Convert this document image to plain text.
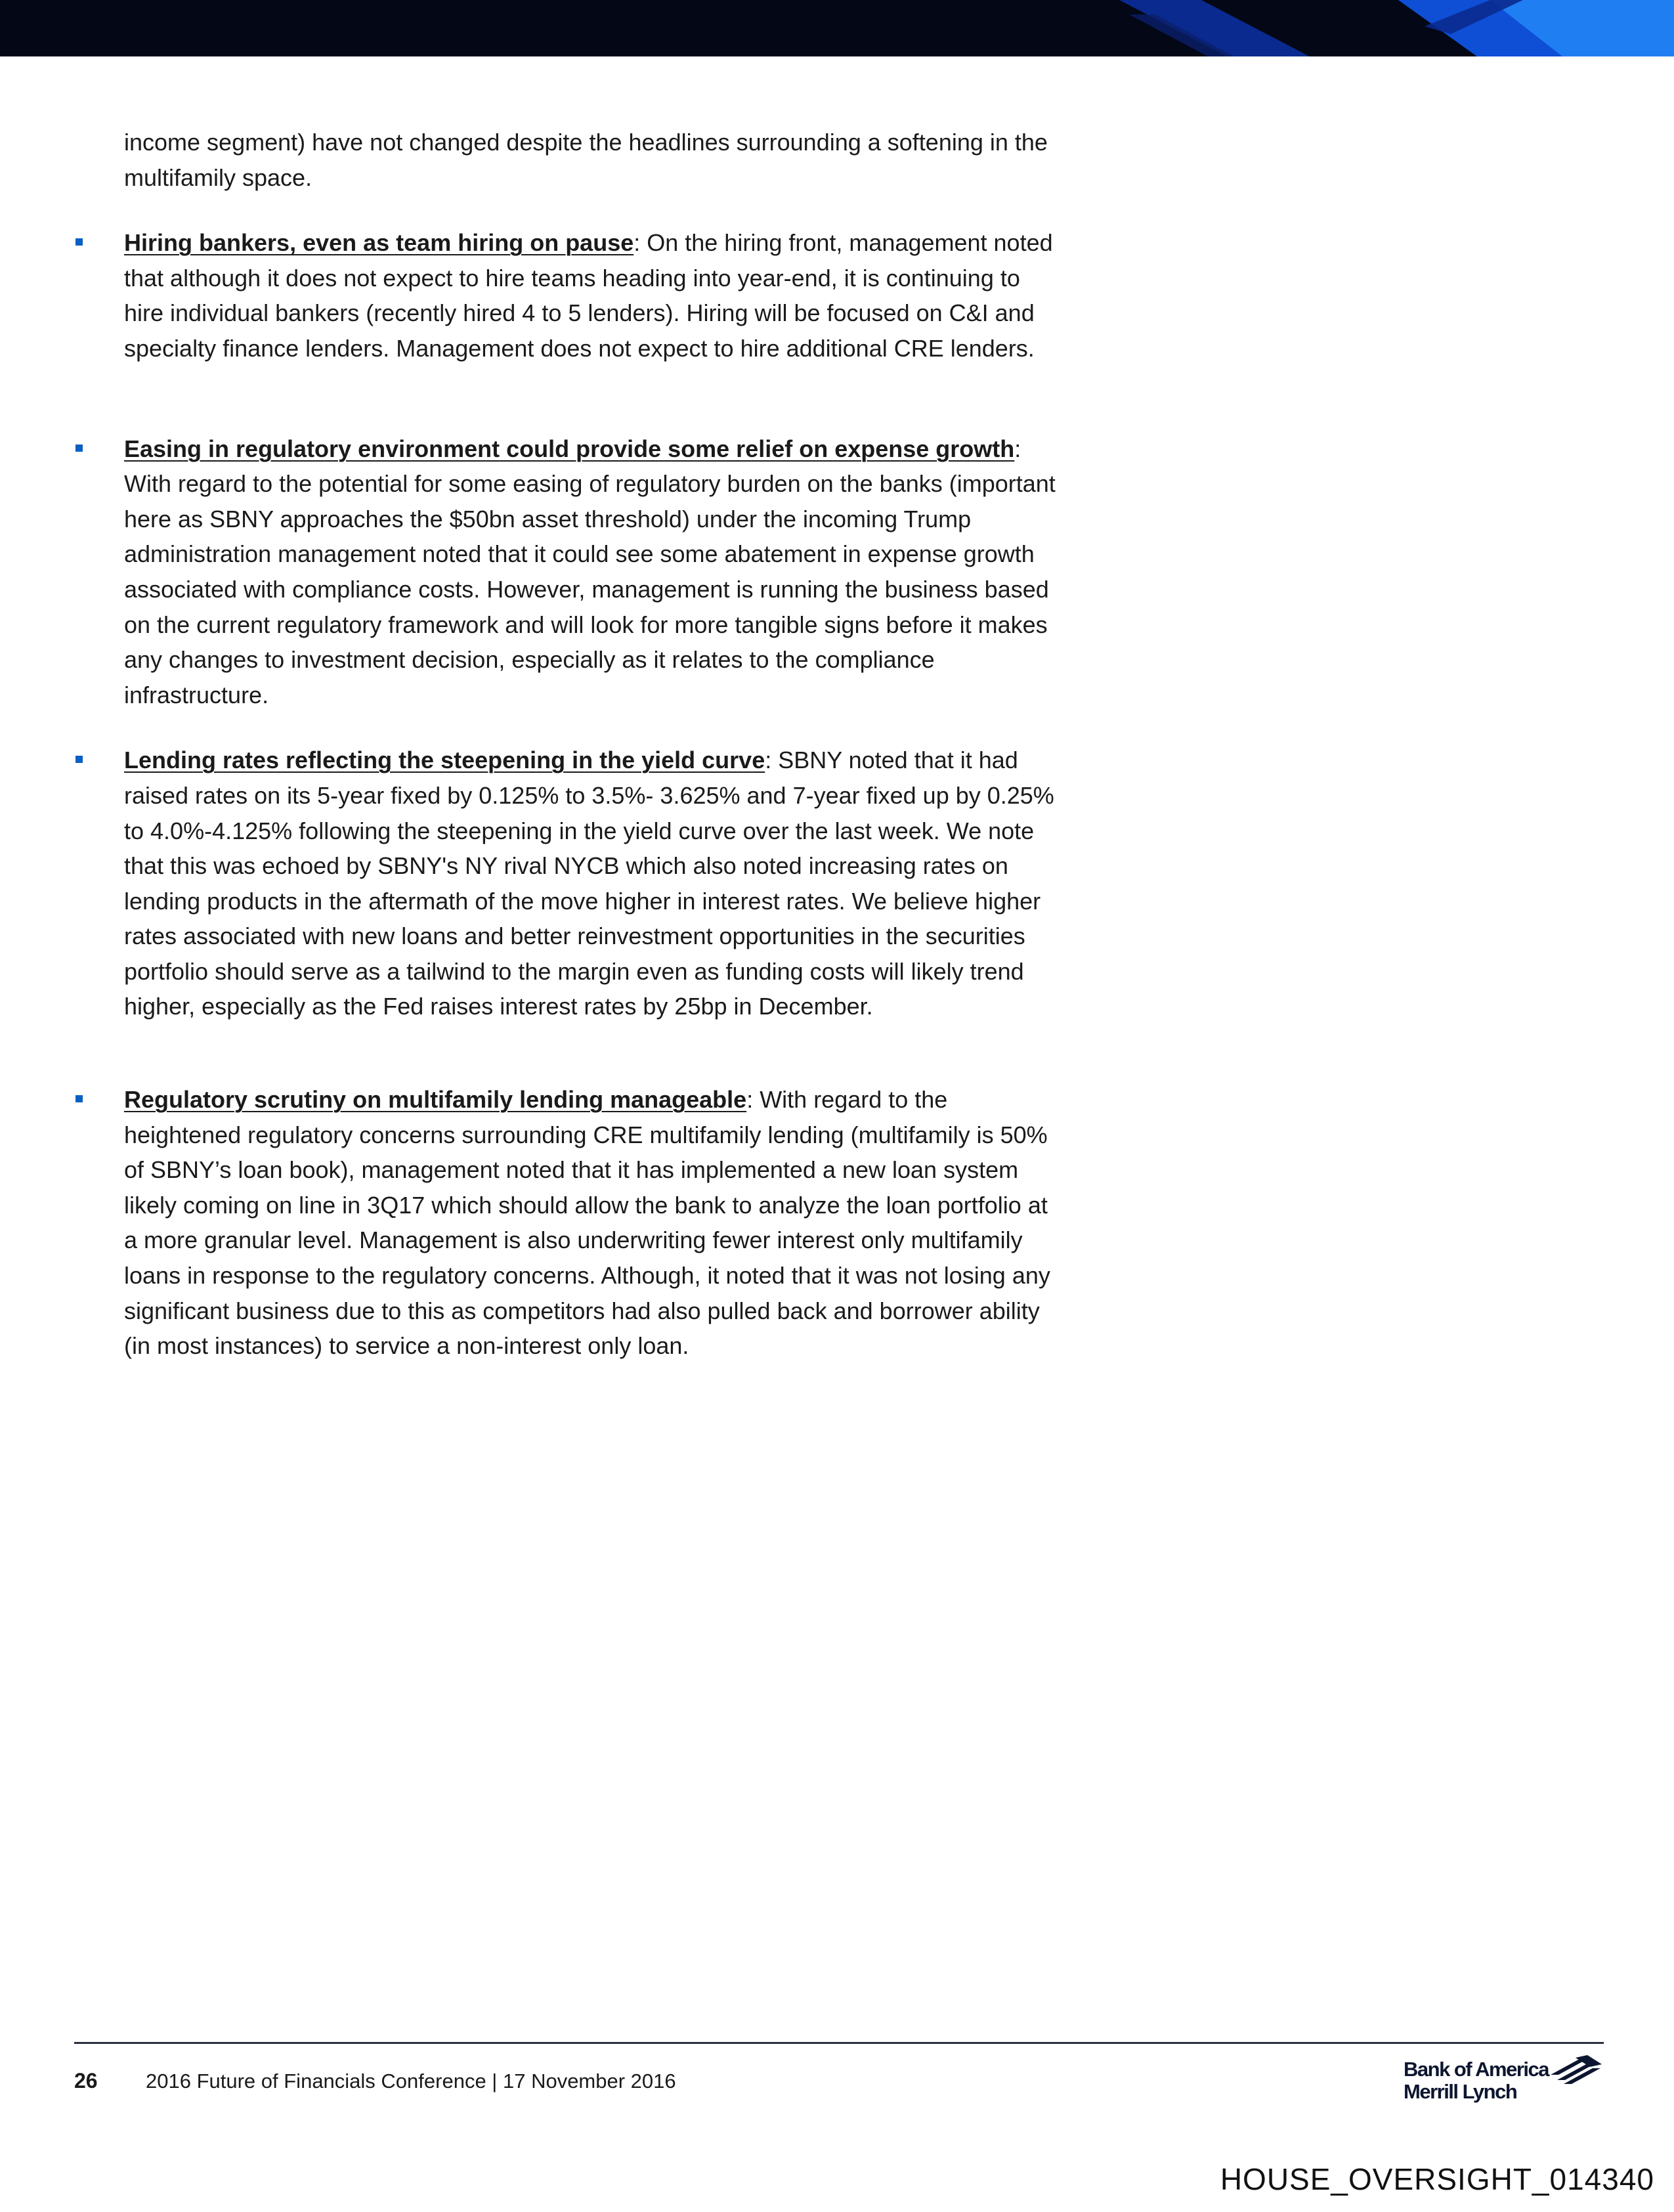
income segment) have not changed despite the headlines surrounding a softening in the multifamily space.

Hiring bankers, even as team hiring on pause: On the hiring front, management noted that although it does not expect to hire teams heading into year-end, it is continuing to hire individual bankers (recently hired 4 to 5 lenders). Hiring will be focused on C&I and specialty finance lenders. Management does not expect to hire additional CRE lenders.

Easing in regulatory environment could provide some relief on expense growth: With regard to the potential for some easing of regulatory burden on the banks (important here as SBNY approaches the $50bn asset threshold) under the incoming Trump administration management noted that it could see some abatement in expense growth associated with compliance costs. However, management is running the business based on the current regulatory framework and will look for more tangible signs before it makes any changes to investment decision, especially as it relates to the compliance infrastructure.

Lending rates reflecting the steepening in the yield curve: SBNY noted that it had raised rates on its 5-year fixed by 0.125% to 3.5%- 3.625% and 7-year fixed up by 0.25% to 4.0%-4.125% following the steepening in the yield curve over the last week. We note that this was echoed by SBNY's NY rival NYCB which also noted increasing rates on lending products in the aftermath of the move higher in interest rates. We believe higher rates associated with new loans and better reinvestment opportunities in the securities portfolio should serve as a tailwind to the margin even as funding costs will likely trend higher, especially as the Fed raises interest rates by 25bp in December.

Regulatory scrutiny on multifamily lending manageable: With regard to the heightened regulatory concerns surrounding CRE multifamily lending (multifamily is 50% of SBNY’s loan book), management noted that it has implemented a new loan system likely coming on line in 3Q17 which should allow the bank to analyze the loan portfolio at a more granular level. Management is also underwriting fewer interest only multifamily loans in response to the regulatory concerns. Although, it noted that it was not losing any significant business due to this as competitors had also pulled back and borrower ability (in most instances) to service a non-interest only loan.

26 2016 Future of Financials Conference | 17 November 2016
Bank of America
Merrill Lynch
HOUSE_OVERSIGHT_014340
